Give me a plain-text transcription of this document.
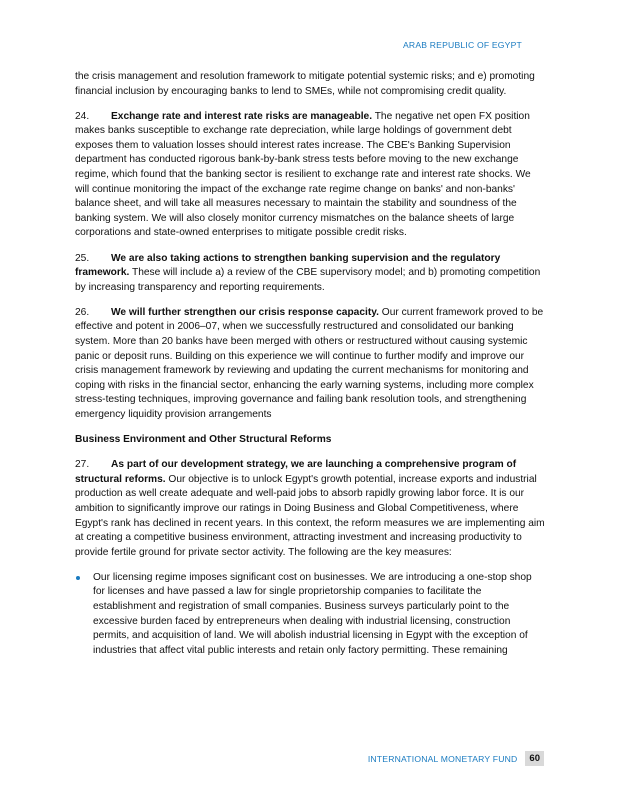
ARAB REPUBLIC OF EGYPT

the crisis management and resolution framework to mitigate potential systemic risks; and e) promoting financial inclusion by encouraging banks to lend to SMEs, while not compromising credit quality.

24. Exchange rate and interest rate risks are manageable. The negative net open FX position makes banks susceptible to exchange rate depreciation, while large holdings of government debt exposes them to valuation losses should interest rates increase. The CBE's Banking Supervision department has conducted rigorous bank-by-bank stress tests before moving to the new exchange regime, which found that the banking sector is resilient to exchange rate and interest rate shocks. We will continue monitoring the impact of the exchange rate regime change on banks' and non-banks' balance sheet, and will take all measures necessary to maintain the stability and soundness of the banking system. We will also closely monitor currency mismatches on the balance sheets of large corporations and state-owned enterprises to mitigate possible credit risks.

25. We are also taking actions to strengthen banking supervision and the regulatory framework. These will include a) a review of the CBE supervisory model; and b) promoting competition by increasing transparency and reporting requirements.

26. We will further strengthen our crisis response capacity. Our current framework proved to be effective and potent in 2006–07, when we successfully restructured and consolidated our banking system. More than 20 banks have been merged with others or restructured without causing systemic panic or deposit runs. Building on this experience we will continue to further modify and improve our crisis management framework by reviewing and updating the current mechanisms for monitoring and coping with risks in the financial sector, enhancing the early warning systems, including more complex stress-testing techniques, improving governance and failing bank resolution tools, and strengthening emergency liquidity provision arrangements

Business Environment and Other Structural Reforms

27. As part of our development strategy, we are launching a comprehensive program of structural reforms. Our objective is to unlock Egypt's growth potential, increase exports and industrial production as well create adequate and well-paid jobs to absorb rapidly growing labor force. It is our ambition to significantly improve our ratings in Doing Business and Global Competitiveness, where Egypt's rank has declined in recent years. In this context, the reform measures we are implementing aim at creating a competitive business environment, attracting investment and increasing productivity to provide fertile ground for private sector activity. The following are the key measures:

Our licensing regime imposes significant cost on businesses. We are introducing a one-stop shop for licenses and have passed a law for single proprietorship companies to facilitate the establishment and registration of small companies. Business surveys particularly point to the excessive burden faced by entrepreneurs when dealing with industrial licensing, construction permits, and acquisition of land. We will abolish industrial licensing in Egypt with the exception of industries that affect vital public interests and retain only factory permitting. These remaining

INTERNATIONAL MONETARY FUND	60
